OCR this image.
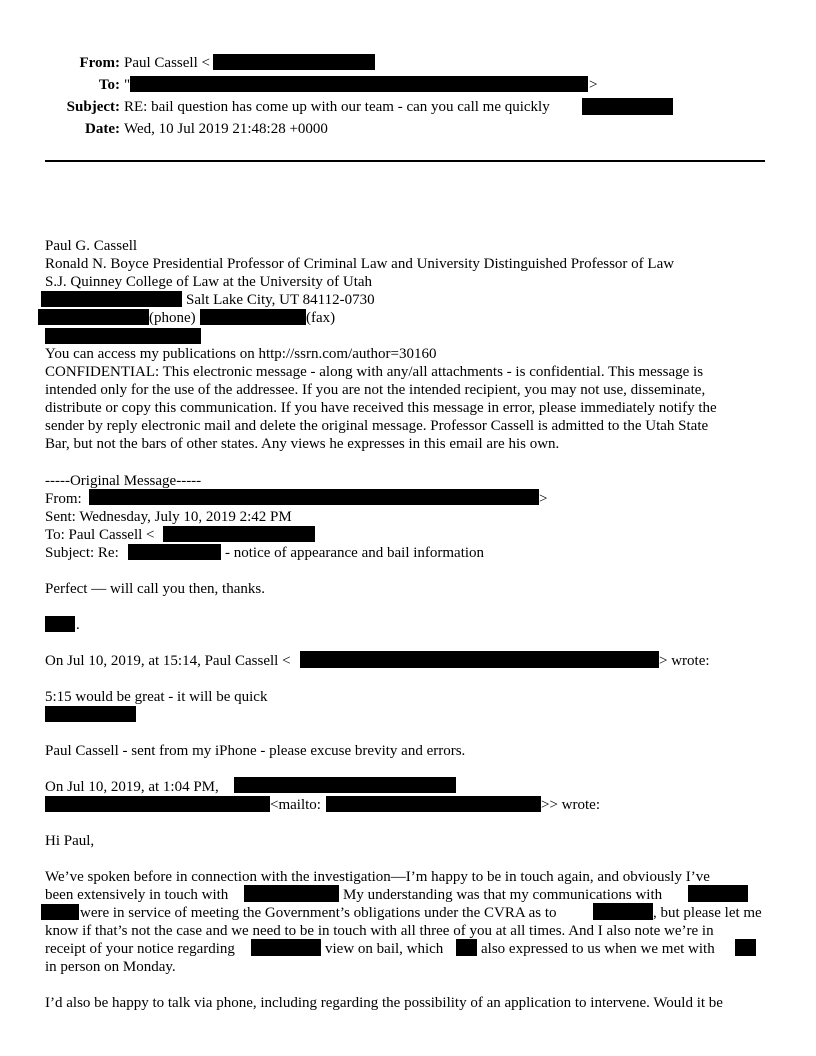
From: Paul Cassell <
To: "	>
Subject: RE: bail question has come up with our team - can you call me quickly
Date: Wed, 10 Jul 2019 21:48:28 +0000
Paul G. Cassell
Ronald N. Boyce Presidential Professor of Criminal Law and University Distinguished Professor of Law
S.J. Quinney College of Law at the University of Utah
Salt Lake City, UT 84112-0730
(phone)	(fax)
You can access my publications on http://ssrn.com/author=30160
CONFIDENTIAL: This electronic message - along with any/all attachments - is confidential. This message is
intended only for the use of the addressee. If you are not the intended recipient, you may not use, disseminate,
distribute or copy this communication. If you have received this message in error, please immediately notify the
sender by reply electronic mail and delete the original message. Professor Cassell is admitted to the Utah State
Bar, but not the bars of other states. Any views he expresses in this email are his own.
-----Original Message-----
From:	>
Sent: Wednesday, July 10, 2019 2:42 PM
To: Paul Cassell <
Subject: Re:	- notice of appearance and bail information
Perfect — will call you then, thanks.
.
On Jul 10, 2019, at 15:14, Paul Cassell <	> wrote:
5:15 would be great - it will be quick
Paul Cassell - sent from my iPhone - please excuse brevity and errors.
On Jul 10, 2019, at 1:04 PM,
<mailto:	>> wrote:
Hi Paul,
We’ve spoken before in connection with the investigation—I’m happy to be in touch again, and obviously I’ve
been extensively in touch with	My understanding was that my communications with
were in service of meeting the Government’s obligations under the CVRA as to	, but please let me
know if that’s not the case and we need to be in touch with all three of you at all times. And I also note we’re in
receipt of your notice regarding	view on bail, which	also expressed to us when we met with
in person on Monday.
I’d also be happy to talk via phone, including regarding the possibility of an application to intervene. Would it be
